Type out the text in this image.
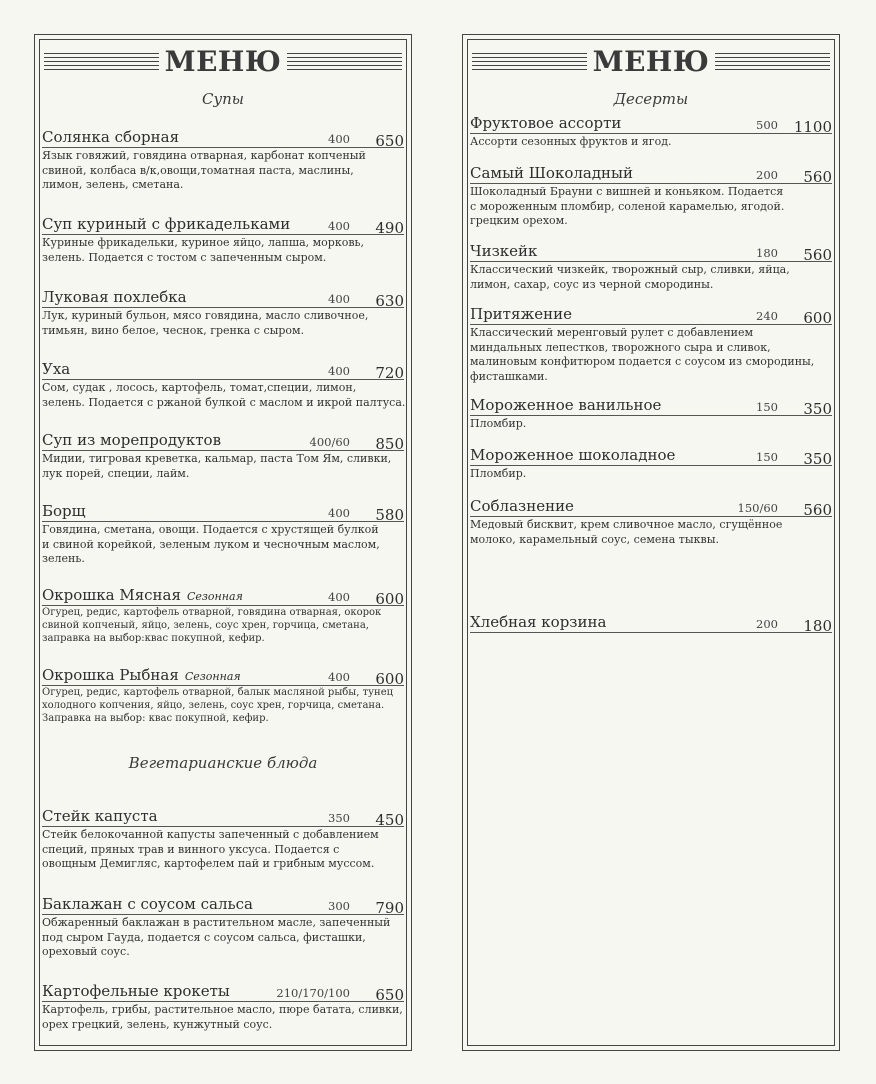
МЕНЮ
Супы
Вегетарианские блюда
Солянка сборная	400 650
Язык говяжий, говядина отварная, карбонат копченый
свиной, колбаса в/к,овощи,томатная паста, маслины,
лимон, зелень, сметана.
Суп куриный с фрикадельками	400 490
Куриные фрикадельки, куриное яйцо, лапша, морковь,
зелень. Подается с тостом с запеченным сыром.
Луковая похлебка	400 630
Лук, куриный бульон, мясо говядина, масло сливочное,
тимьян, вино белое, чеснок, гренка с сыром.
Уха	400 720
Сом, судак , лосось, картофель, томат,специи, лимон,
зелень. Подается с ржаной булкой с маслом и икрой палтуса.
Суп из морепродуктов	400/60 850
Мидии, тигровая креветка, кальмар, паста Том Ям, сливки,
лук порей, специи, лайм.
Борщ	400 580
Говядина, сметана, овощи. Подается с хрустящей булкой
и свиной корейкой, зеленым луком и чесночным маслом,
зелень.
Окрошка Мясная Сезонная	400 600
Огурец, редис, картофель отварной, говядина отварная, окорок
свиной копченый, яйцо, зелень, соус хрен, горчица, сметана,
заправка на выбор:квас покупной, кефир.
Окрошка Рыбная Сезонная	400 600
Огурец, редис, картофель отварной, балык масляной рыбы, тунец
холодного копчения, яйцо, зелень, соус хрен, горчица, сметана.
Заправка на выбор: квас покупной, кефир.
Стейк капуста	350 450
Стейк белокочанной капусты запеченный с добавлением
специй, пряных трав и винного уксуса. Подается с
овощным Демигляс, картофелем пай и грибным муссом.
Баклажан с соусом сальса	300 790
Обжаренный баклажан в растительном масле, запеченный
под сыром Гауда, подается с соусом сальса, фисташки,
ореховый соус.
Картофельные крокеты	210/170/100 650
Картофель, грибы, растительное масло, пюре батата, сливки,
орех грецкий, зелень, кунжутный соус.
МЕНЮ
Десерты
Фруктовое ассорти	500 1100
Ассорти сезонных фруктов и ягод.
Самый Шоколадный	200 560
Шоколадный Брауни с вишней и коньяком. Подается
с мороженным пломбир, соленой карамелью, ягодой.
грецким орехом.
Чизкейк	180 560
Классический чизкейк, творожный сыр, сливки, яйца,
лимон, сахар, соус из черной смородины.
Притяжение	240 600
Классический меренговый рулет с добавлением
миндальных лепестков, творожного сыра и сливок,
малиновым конфитюром подается с соусом из смородины,
фисташками.
Мороженное ванильное	150 350
Пломбир.
Мороженное шоколадное	150 350
Пломбир.
Соблазнение	150/60 560
Медовый бисквит, крем сливочное масло, сгущённое
молоко, карамельный соус, семена тыквы.
Хлебная корзина	200 180
